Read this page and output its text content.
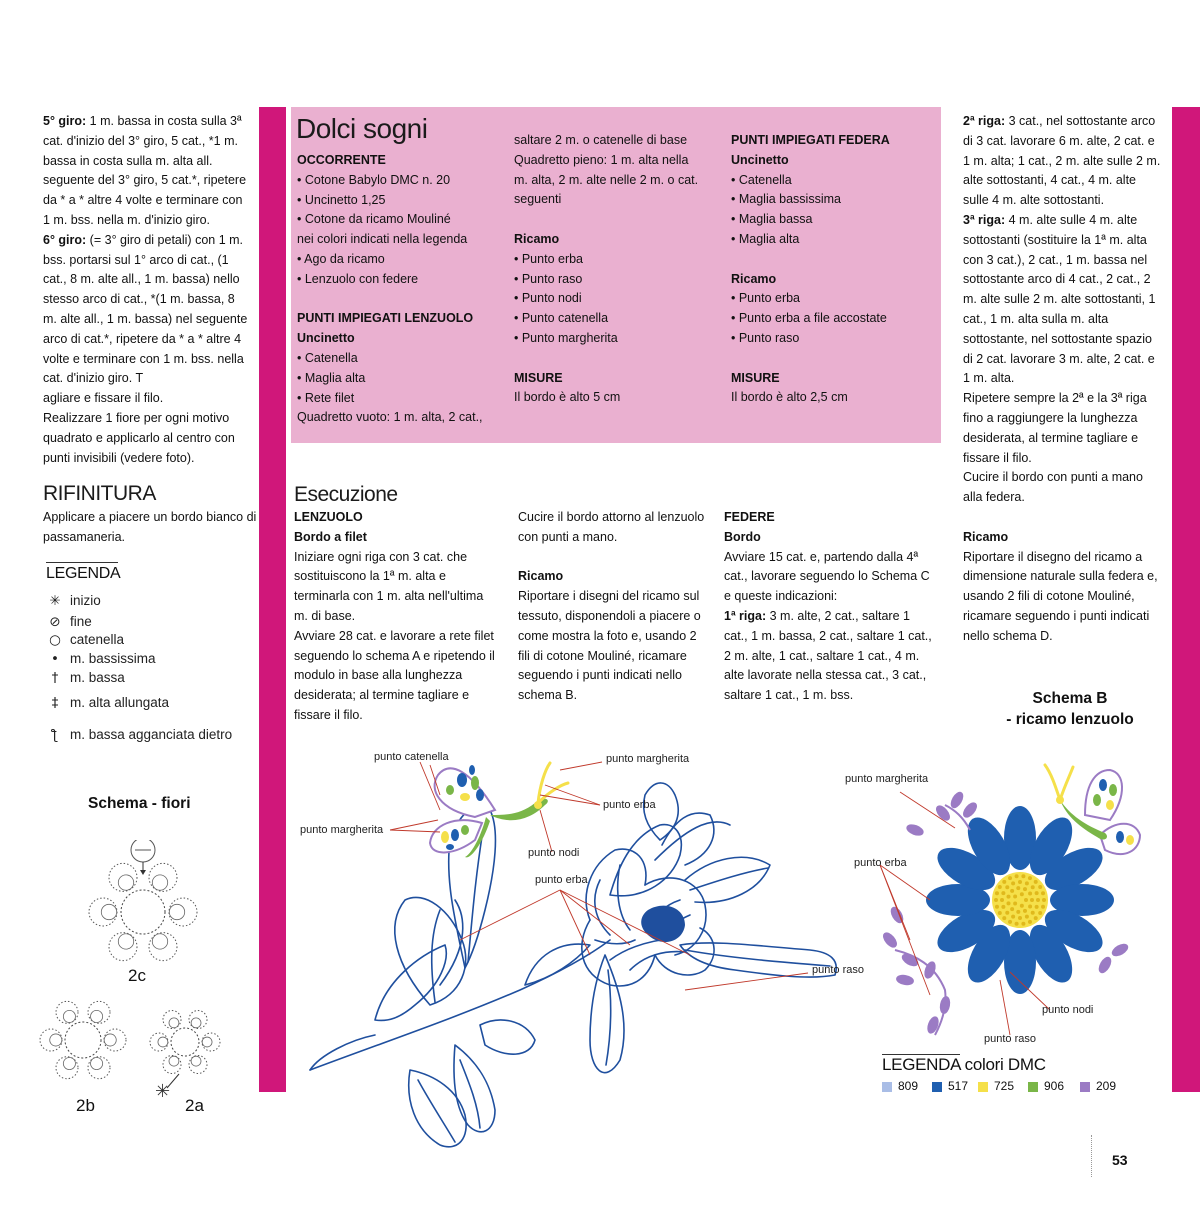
5° giro: 1 m. bassa in costa sulla 3ª cat. d'inizio del 3° giro, 5 cat., *1 m. bassa in costa sulla m. alta all. seguente del 3° giro, 5 cat.*, ripetere da * a * altre 4 volte e terminare con 1 m. bss. nella m. d'inizio giro.

6° giro: (= 3° giro di petali) con 1 m. bss. portarsi sul 1° arco di cat., (1 cat., 8 m. alte all., 1 m. bassa) nello stesso arco di cat., *(1 m. bassa, 8 m. alte all., 1 m. bassa) nel seguente arco di cat.*, ripetere da * a * altre 4 volte e terminare con 1 m. bss. nella cat. d'inizio giro. T

agliare e fissare il filo.

Realizzare 1 fiore per ogni motivo quadrato e applicarlo al centro con punti invisibili (vedere foto).

RIFINITURA
Applicare a piacere un bordo bianco di passamaneria.
LEGENDA
✳ inizio
⊘ fine
○ catenella
• m. bassissima
† m. bassa
‡ m. alta allungata
ƪ m. bassa agganciata dietro
Schema - fiori
✳
2c
2b	2a
Dolci sogni

OCCORRENTE

• Cotone Babylo DMC n. 20

• Uncinetto 1,25

• Cotone da ricamo Mouliné

nei colori indicati nella legenda

• Ago da ricamo

• Lenzuolo con federe

PUNTI IMPIEGATI LENZUOLO

Uncinetto

• Catenella

• Maglia alta

• Rete filet

Quadretto vuoto: 1 m. alta, 2 cat.,

saltare 2 m. o catenelle di base

Quadretto pieno: 1 m. alta nella

m. alta, 2 m. alte nelle 2 m. o cat.

seguenti

Ricamo

• Punto erba

• Punto raso

• Punto nodi

• Punto catenella

• Punto margherita

MISURE

Il bordo è alto 5 cm

PUNTI IMPIEGATI FEDERA

Uncinetto

• Catenella

• Maglia bassissima

• Maglia bassa

• Maglia alta

Ricamo

• Punto erba

• Punto erba a file accostate

• Punto raso

MISURE

Il bordo è alto 2,5 cm

Esecuzione

LENZUOLO

Bordo a filet

Iniziare ogni riga con 3 cat. che sostituiscono la 1ª m. alta e terminarla con 1 m. alta nell'ultima m. di base.

Avviare 28 cat. e lavorare a rete filet seguendo lo schema A e ripetendo il modulo in base alla lunghezza desiderata; al termine tagliare e fissare il filo.

Cucire il bordo attorno al lenzuolo con punti a mano.

Ricamo

Riportare i disegni del ricamo sul tessuto, disponendoli a piacere o come mostra la foto e, usando 2 fili di cotone Mouliné, ricamare seguendo i punti indicati nello schema B.

FEDERE

Bordo

Avviare 15 cat. e, partendo dalla 4ª cat., lavorare seguendo lo Schema C e queste indicazioni:

1ª riga: 3 m. alte, 2 cat., saltare 1 cat., 1 m. bassa, 2 cat., saltare 1 cat., 2 m. alte, 1 cat., saltare 1 cat., 4 m. alte lavorate nella stessa cat., 3 cat., saltare 1 cat., 1 m. bss.

2ª riga: 3 cat., nel sottostante arco di 3 cat. lavorare 6 m. alte, 2 cat. e 1 m. alta; 1 cat., 2 m. alte sulle 2 m. alte sottostanti, 4 cat., 4 m. alte sulle 4 m. alte sottostanti.

3ª riga: 4 m. alte sulle 4 m. alte sottostanti (sostituire la 1ª m. alta con 3 cat.), 2 cat., 1 m. bassa nel sottostante arco di 4 cat., 2 cat., 2 m. alte sulle 2 m. alte sottostanti, 1 cat., 1 m. alta sulla m. alta sottostante, nel sottostante spazio di 2 cat. lavorare 3 m. alte, 2 cat. e 1 m. alta.

Ripetere sempre la 2ª e la 3ª riga fino a raggiungere la lunghezza desiderata, al termine tagliare e fissare il filo.

Cucire il bordo con punti a mano alla federa.

Ricamo

Riportare il disegno del ricamo a dimensione naturale sulla federa e, usando 2 fili di cotone Mouliné, ricamare seguendo i punti indicati nello schema D.

Schema B
- ricamo lenzuolo
punto catenella
punto margherita
punto margherita
punto erba
punto nodi
punto erba
punto raso
punto margherita
punto erba
punto nodi
punto raso
LEGENDA colori DMC
809	517	725	906	209
53
